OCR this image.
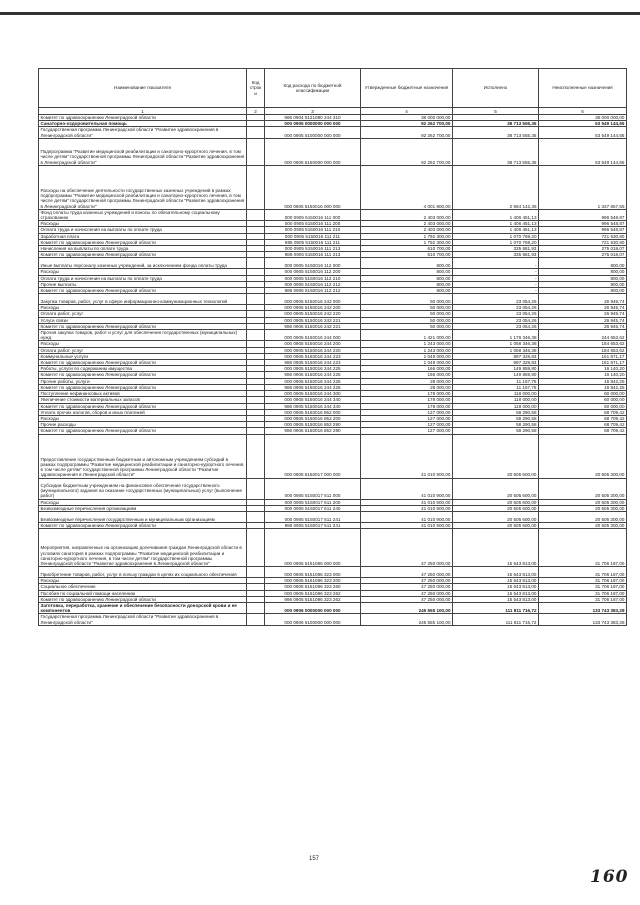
Наименование показателя	Код строк и	Код расхода по бюджетной классификации	Утвержденные бюджетные назначения	Исполнено	Неисполненные назначения
1	2	3	4	5	6
Комитет по здравоохранению Ленинградской области		986 0904 5121080 244 310	36 000 000,00		36 000 000,00
Санаторно-оздоровительная помощь		000 0905 0000000 000 000	92 262 700,00	38 713 555,35	53 549 144,65
Государственная программа Ленинградской области "Развитие здравоохранения в Ленинградской области"		000 0905 5100000 000 000	92 262 700,00	38 713 555,35	53 549 144,65
Подпрограмма "Развитие медицинской реабилитации и санаторно-курортного лечения, в том числе детям" государственной программы Ленинградской области "Развитие здравоохранения в Ленинградской области"		000 0905 5150000 000 000	92 262 700,00	38 713 555,35	53 549 144,65
Расходы на обеспечение деятельности государственных казенных учреждений в рамках подпрограммы "Развитие медицинской реабилитации и санаторно-курортного лечения, в том числе детям" государственной программы Ленинградской области "Развитие здравоохранения в Ленинградской области"		000 0905 5150016 000 000	4 001 800,00	2 664 142,35	1 337 657,65
Фонд оплаты труда казенных учреждений и взносы по обязательному социальному страхованию		000 0905 5150016 111 000	2 403 000,00	1 406 451,13	996 548,87
Расходы		000 0905 5150016 111 200	2 403 000,00	1 406 451,13	996 548,87
Оплата труда и начисления на выплаты по оплате труда		000 0905 5150016 111 210	2 403 000,00	1 406 451,13	996 548,87
Заработная плата		000 0905 5150016 111 211	1 792 300,00	1 070 769,20	721 530,80
Комитет по здравоохранению Ленинградской области		986 0905 5150016 111 211	1 792 300,00	1 070 769,20	721 530,80
Начисления на выплаты по оплате труда		000 0905 5150016 111 213	610 700,00	335 681,93	275 018,07
Комитет по здравоохранению Ленинградской области		986 0905 5150016 111 213	610 700,00	335 681,93	275 018,07
Иные выплаты персоналу казенных учреждений, за исключением фонда оплаты труда		000 0905 5150016 112 000	800,00	-	800,00
Расходы		000 0905 5150016 112 200	800,00	-	800,00
Оплата труда и начисления на выплаты по оплате труда		000 0905 5150016 112 210	800,00	-	800,00
Прочие выплаты		000 0905 5150016 112 212	800,00	-	800,00
Комитет по здравоохранению Ленинградской области		986 0905 5150016 112 212	800,00	-	800,00
Закупка товаров, работ, услуг в сфере информационно-коммуникационных технологий		000 0905 5150016 242 000	50 000,00	23 054,26	26 945,74
Расходы		000 0905 5150016 242 200	50 000,00	23 054,26	26 945,74
Оплата работ, услуг		000 0905 5150016 242 220	50 000,00	23 054,26	26 945,74
Услуги связи		000 0905 5150016 242 221	50 000,00	23 054,26	26 945,74
Комитет по здравоохранению Ленинградской области		986 0905 5150016 242 221	50 000,00	23 054,26	26 945,74
Прочая закупка товаров, работ и услуг для обеспечения государственных (муниципальных) нужд		000 0905 5150016 244 000	1 421 000,00	1 176 346,38	244 653,62
Расходы		000 0905 5150016 244 200	1 243 000,00	1 058 346,38	184 653,62
Оплата работ, услуг		000 0905 5150016 244 220	1 243 000,00	1 058 346,38	184 653,62
Коммунальные услуги		000 0905 5150016 244 223	1 049 000,00	897 328,83	151 671,17
Комитет по здравоохранению Ленинградской области		986 0905 5150016 244 223	1 049 000,00	897 328,83	151 671,17
Работы, услуги по содержанию имущества		000 0905 5150016 244 225	166 000,00	149 859,80	16 140,20
Комитет по здравоохранению Ленинградской области		986 0905 5150016 244 225	166 000,00	149 859,80	16 140,20
Прочие работы, услуги		000 0905 5150016 244 226	28 000,00	11 157,75	16 842,25
Комитет по здравоохранению Ленинградской области		986 0905 5150016 244 226	28 000,00	11 157,75	16 842,25
Поступление нефинансовых активов		000 0905 5150016 244 300	178 000,00	118 000,00	60 000,00
Увеличение стоимости материальных запасов		000 0905 5150016 244 340	178 000,00	118 000,00	60 000,00
Комитет по здравоохранению Ленинградской области		986 0905 5150016 244 340	178 000,00	118 000,00	60 000,00
Уплата прочих налогов, сборов и иных платежей		000 0905 5150016 852 000	127 000,00	58 290,58	68 709,42
Расходы		000 0905 5150016 852 200	127 000,00	58 290,58	68 709,42
Прочие расходы		000 0905 5150016 852 290	127 000,00	58 290,58	68 709,42
Комитет по здравоохранению Ленинградской области		986 0905 5150016 852 290	127 000,00	58 290,58	68 709,42
Предоставление государственным бюджетным и автономным учреждениям субсидий в рамках подпрограммы "Развитие медицинской реабилитации и санаторно-курортного лечения, в том числе детям" государственной программы Ленинградской области "Развитие здравоохранения в Ленинградской области"		000 0905 5150017 000 000	41 010 900,00	20 505 600,00	20 505 300,00
Субсидии бюджетным учреждениям на финансовое обеспечение государственного (муниципального) задания на оказание государственных (муниципальных) услуг (выполнение работ)		000 0905 5150017 611 000	41 010 900,00	20 505 600,00	20 505 300,00
Расходы		000 0905 5150017 611 200	41 010 900,00	20 505 600,00	20 505 300,00
Безвозмездные перечисления организациям		000 0905 5150017 611 240	41 010 900,00	20 505 600,00	20 505 300,00
Безвозмездные перечисления государственным и муниципальным организациям		000 0905 5150017 611 241	41 010 900,00	20 505 600,00	20 505 300,00
Комитет по здравоохранению Ленинградской области		986 0905 5150017 611 241	41 010 900,00	20 505 600,00	20 505 300,00
Мероприятия, направленные на организацию долечивания граждан Ленинградской области в условиях санатория в рамках подпрограммы "Развитие медицинской реабилитации и санаторно-курортного лечения, в том числе детям" государственной программы Ленинградской области "Развитие здравоохранения в Ленинградской области"		000 0905 5151086 000 000	47 250 000,00	15 543 813,00	31 706 187,00
Приобретение товаров, работ, услуг в пользу граждан в целях их социального обеспечения		000 0905 5151086 323 000	47 250 000,00	15 543 813,00	31 706 187,00
Расходы		000 0905 5151086 323 200	47 250 000,00	15 543 813,00	31 706 187,00
Социальное обеспечение		000 0905 5151086 323 260	47 250 000,00	15 543 813,00	31 706 187,00
Пособия по социальной помощи населению		000 0905 5151086 323 262	47 250 000,00	15 543 813,00	31 706 187,00
Комитет по здравоохранению Ленинградской области		986 0905 5151086 323 262	47 250 000,00	15 543 813,00	31 706 187,00
Заготовка, переработка, хранение и обеспечение безопасности донорской крови и ее компонентов		000 0906 0000000 000 000	245 555 100,00	111 811 716,72	133 743 383,28
Государственная программа Ленинградской области "Развитие здравоохранения в Ленинградской области"		000 0906 5100000 000 000	245 555 100,00	111 811 716,72	133 743 383,28
157
160
